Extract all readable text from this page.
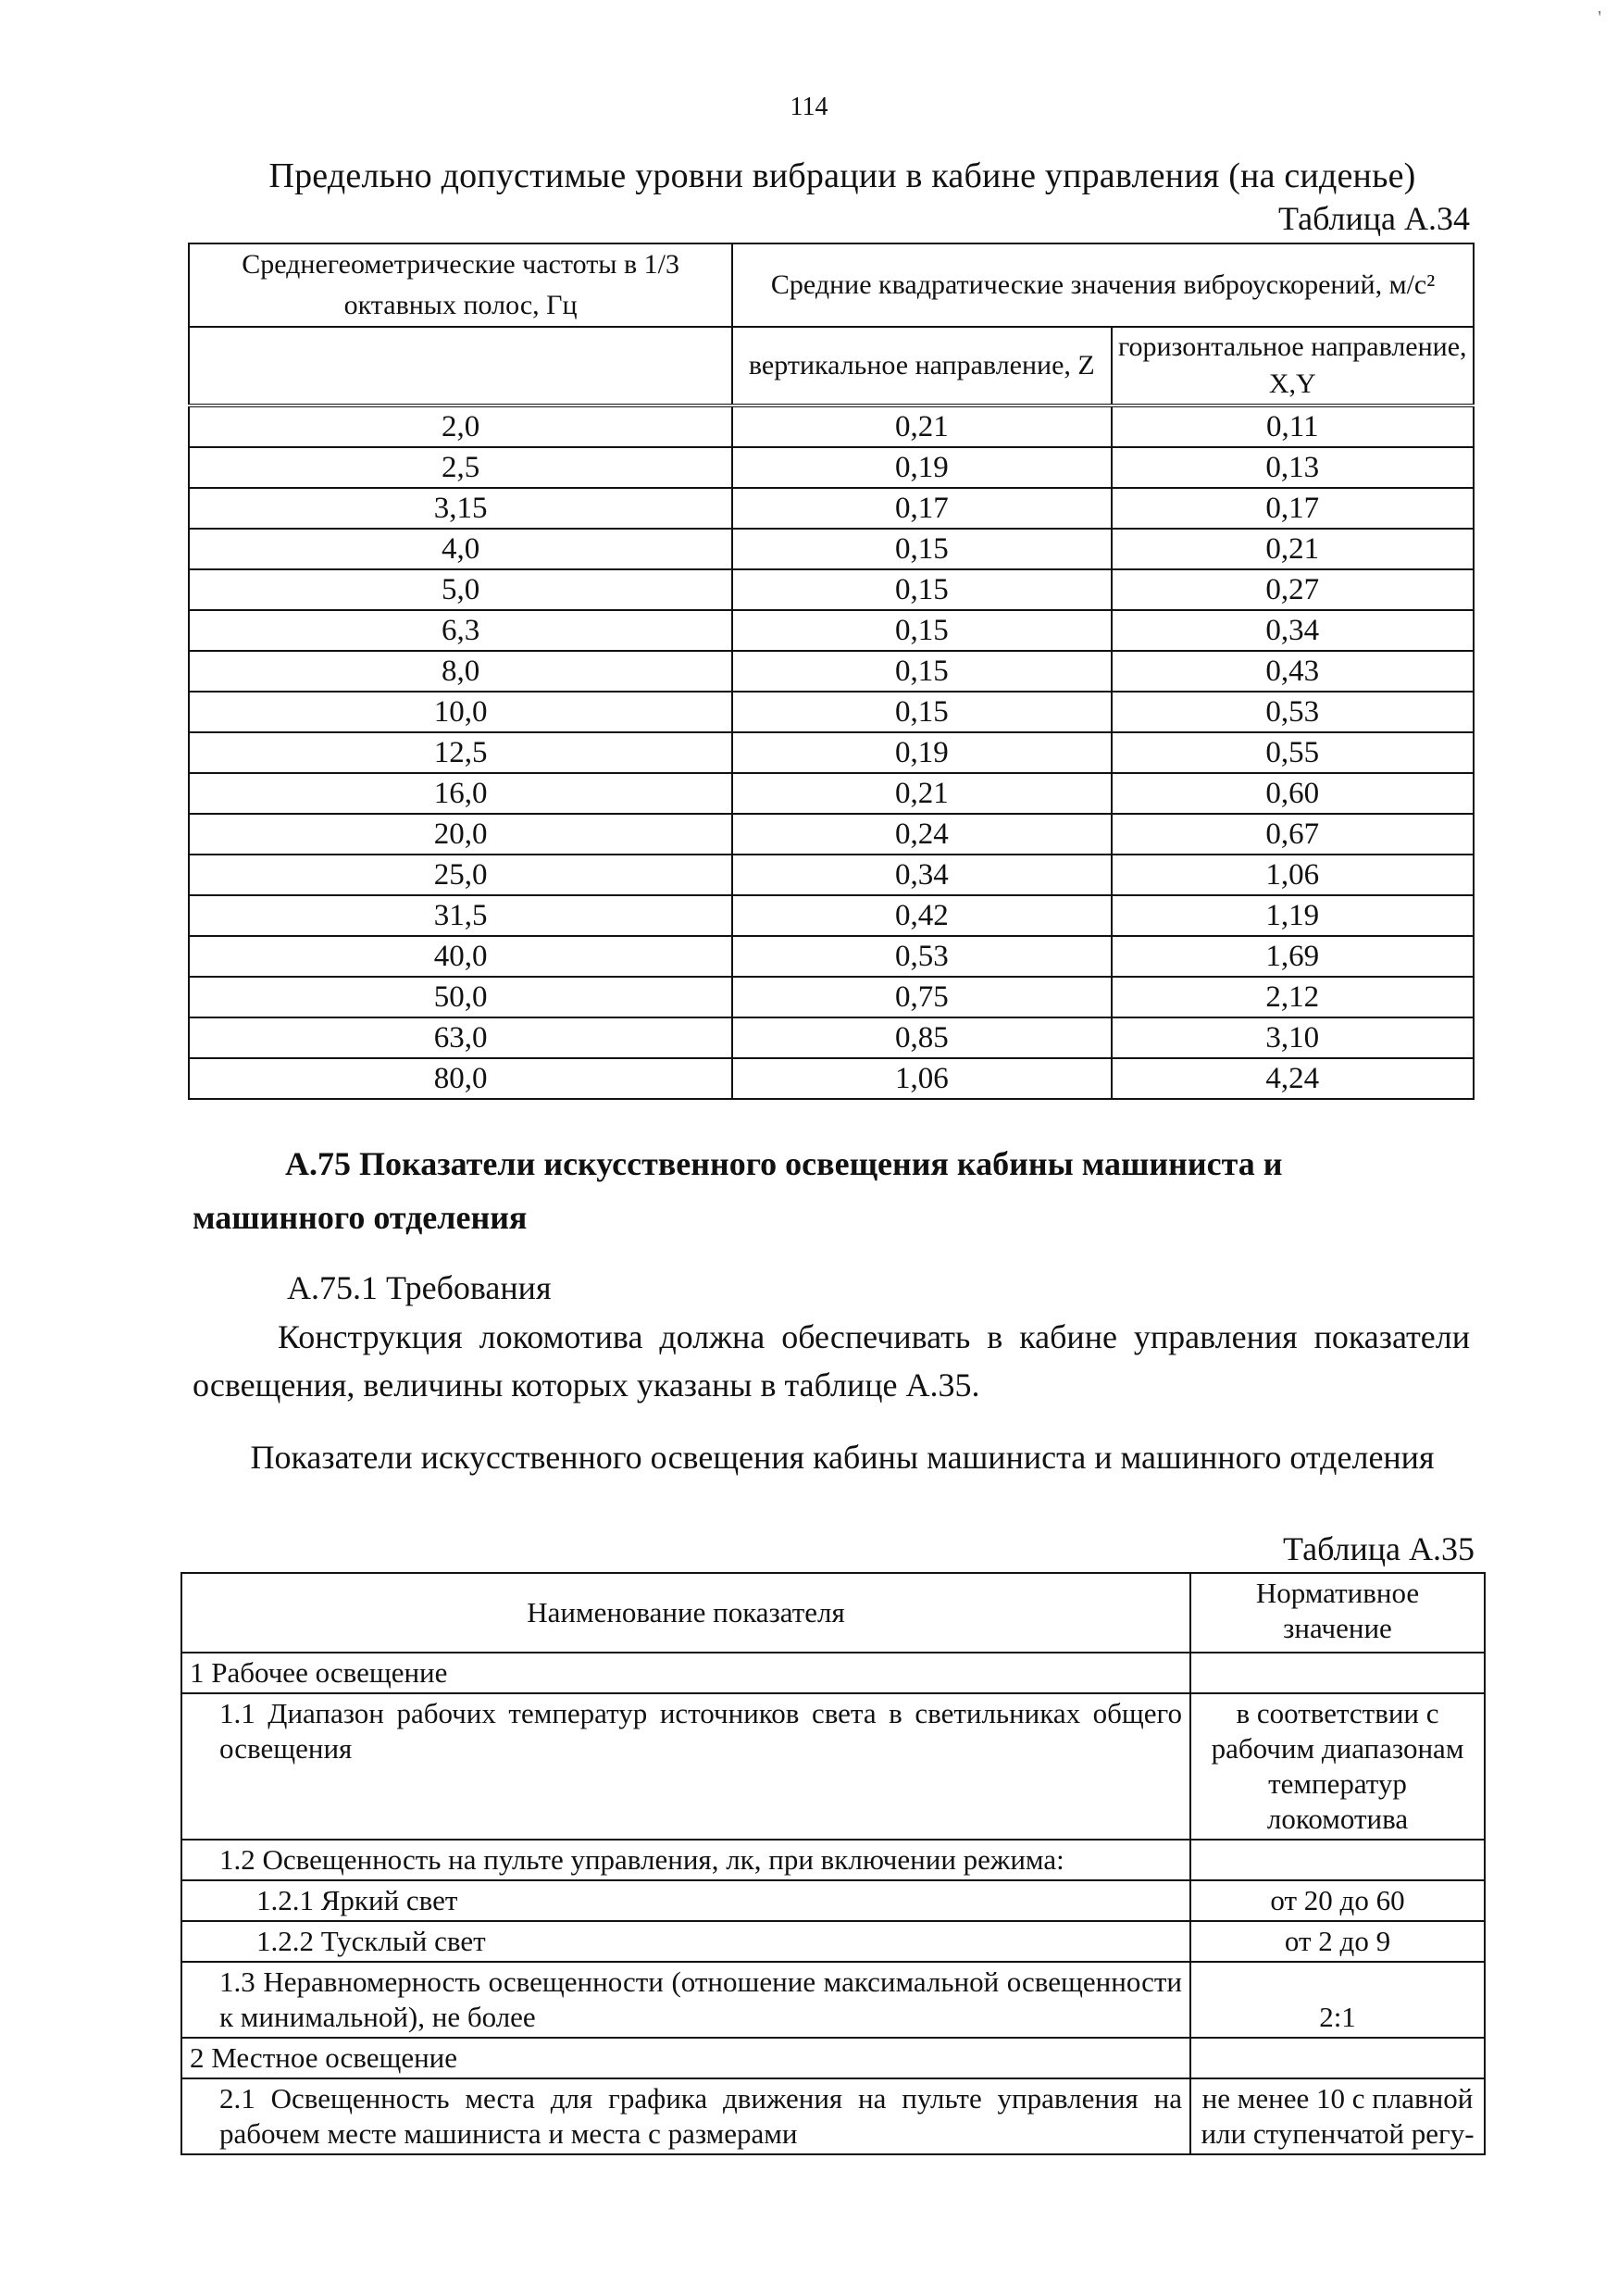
'
114
Предельно допустимые уровни вибрации в кабине управления (на сиденье)
Таблица А.34
Среднегеометрические частоты в 1/3 октавных полос, Гц	Средние квадратические значения виброускорений, м/с²	
	вертикальное направление, Z	горизонтальное направление, X,Y
2,0	0,21	0,11
2,5	0,19	0,13
3,15	0,17	0,17
4,0	0,15	0,21
5,0	0,15	0,27
6,3	0,15	0,34
8,0	0,15	0,43
10,0	0,15	0,53
12,5	0,19	0,55
16,0	0,21	0,60
20,0	0,24	0,67
25,0	0,34	1,06
31,5	0,42	1,19
40,0	0,53	1,69
50,0	0,75	2,12
63,0	0,85	3,10
80,0	1,06	4,24
А.75 Показатели искусственного освещения кабины машиниста и
машинного отделения
А.75.1 Требования
Конструкция локомотива должна обеспечивать в кабине управления показатели освещения, величины которых указаны в таблице А.35.
Показатели искусственного освещения кабины машиниста и машинного отделения
Таблица А.35
Наименование показателя	Нормативное значение
1 Рабочее освещение	
1.1 Диапазон рабочих температур источников света в светильниках общего освещения	в соответствии с рабочим диапазонам температур локомотива
1.2 Освещенность на пульте управления, лк, при включении режима:	
1.2.1 Яркий свет	от 20 до 60
1.2.2 Тусклый свет	от 2 до 9
1.3 Неравномерность освещенности (отношение максимальной освещенности к минимальной), не более	2:1
2 Местное освещение	
2.1 Освещенность места для графика движения на пульте управления на рабочем месте машиниста и места с размерами	не менее 10 с плавной или ступенчатой регу-
